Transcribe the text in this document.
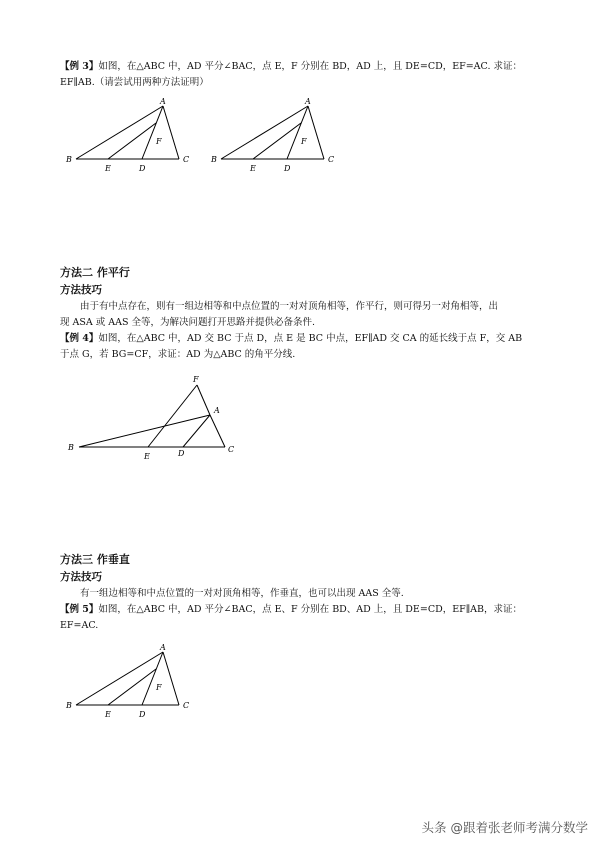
【例 3】如图，在△ABC 中，AD 平分∠BAC，点 E，F 分别在 BD，AD 上，且 DE=CD，EF=AC. 求证：
EF∥AB.（请尝试用两种方法证明）
A
B	C
D
E
F
A
B	C
D
E
F
方法二 作平行
方法技巧
由于有中点存在，则有一组边相等和中点位置的一对对顶角相等，作平行，则可得另一对角相等，出
现 ASA 或 AAS 全等，为解决问题打开思路并提供必备条件.
【例 4】如图，在△ABC 中，AD 交 BC 于点 D，点 E 是 BC 中点，EF∥AD 交 CA 的延长线于点 F，交 AB
于点 G，若 BG=CF，求证：AD 为△ABC 的角平分线.
B	C
A
F
E	D
方法三 作垂直
方法技巧
有一组边相等和中点位置的一对对顶角相等，作垂直，也可以出现 AAS 全等.
【例 5】如图，在△ABC 中，AD 平分∠BAC，点 E、F 分别在 BD、AD 上，且 DE=CD，EF∥AB，求证：
EF=AC.
A
B	C
D
E
F
头条 @跟着张老师考满分数学
